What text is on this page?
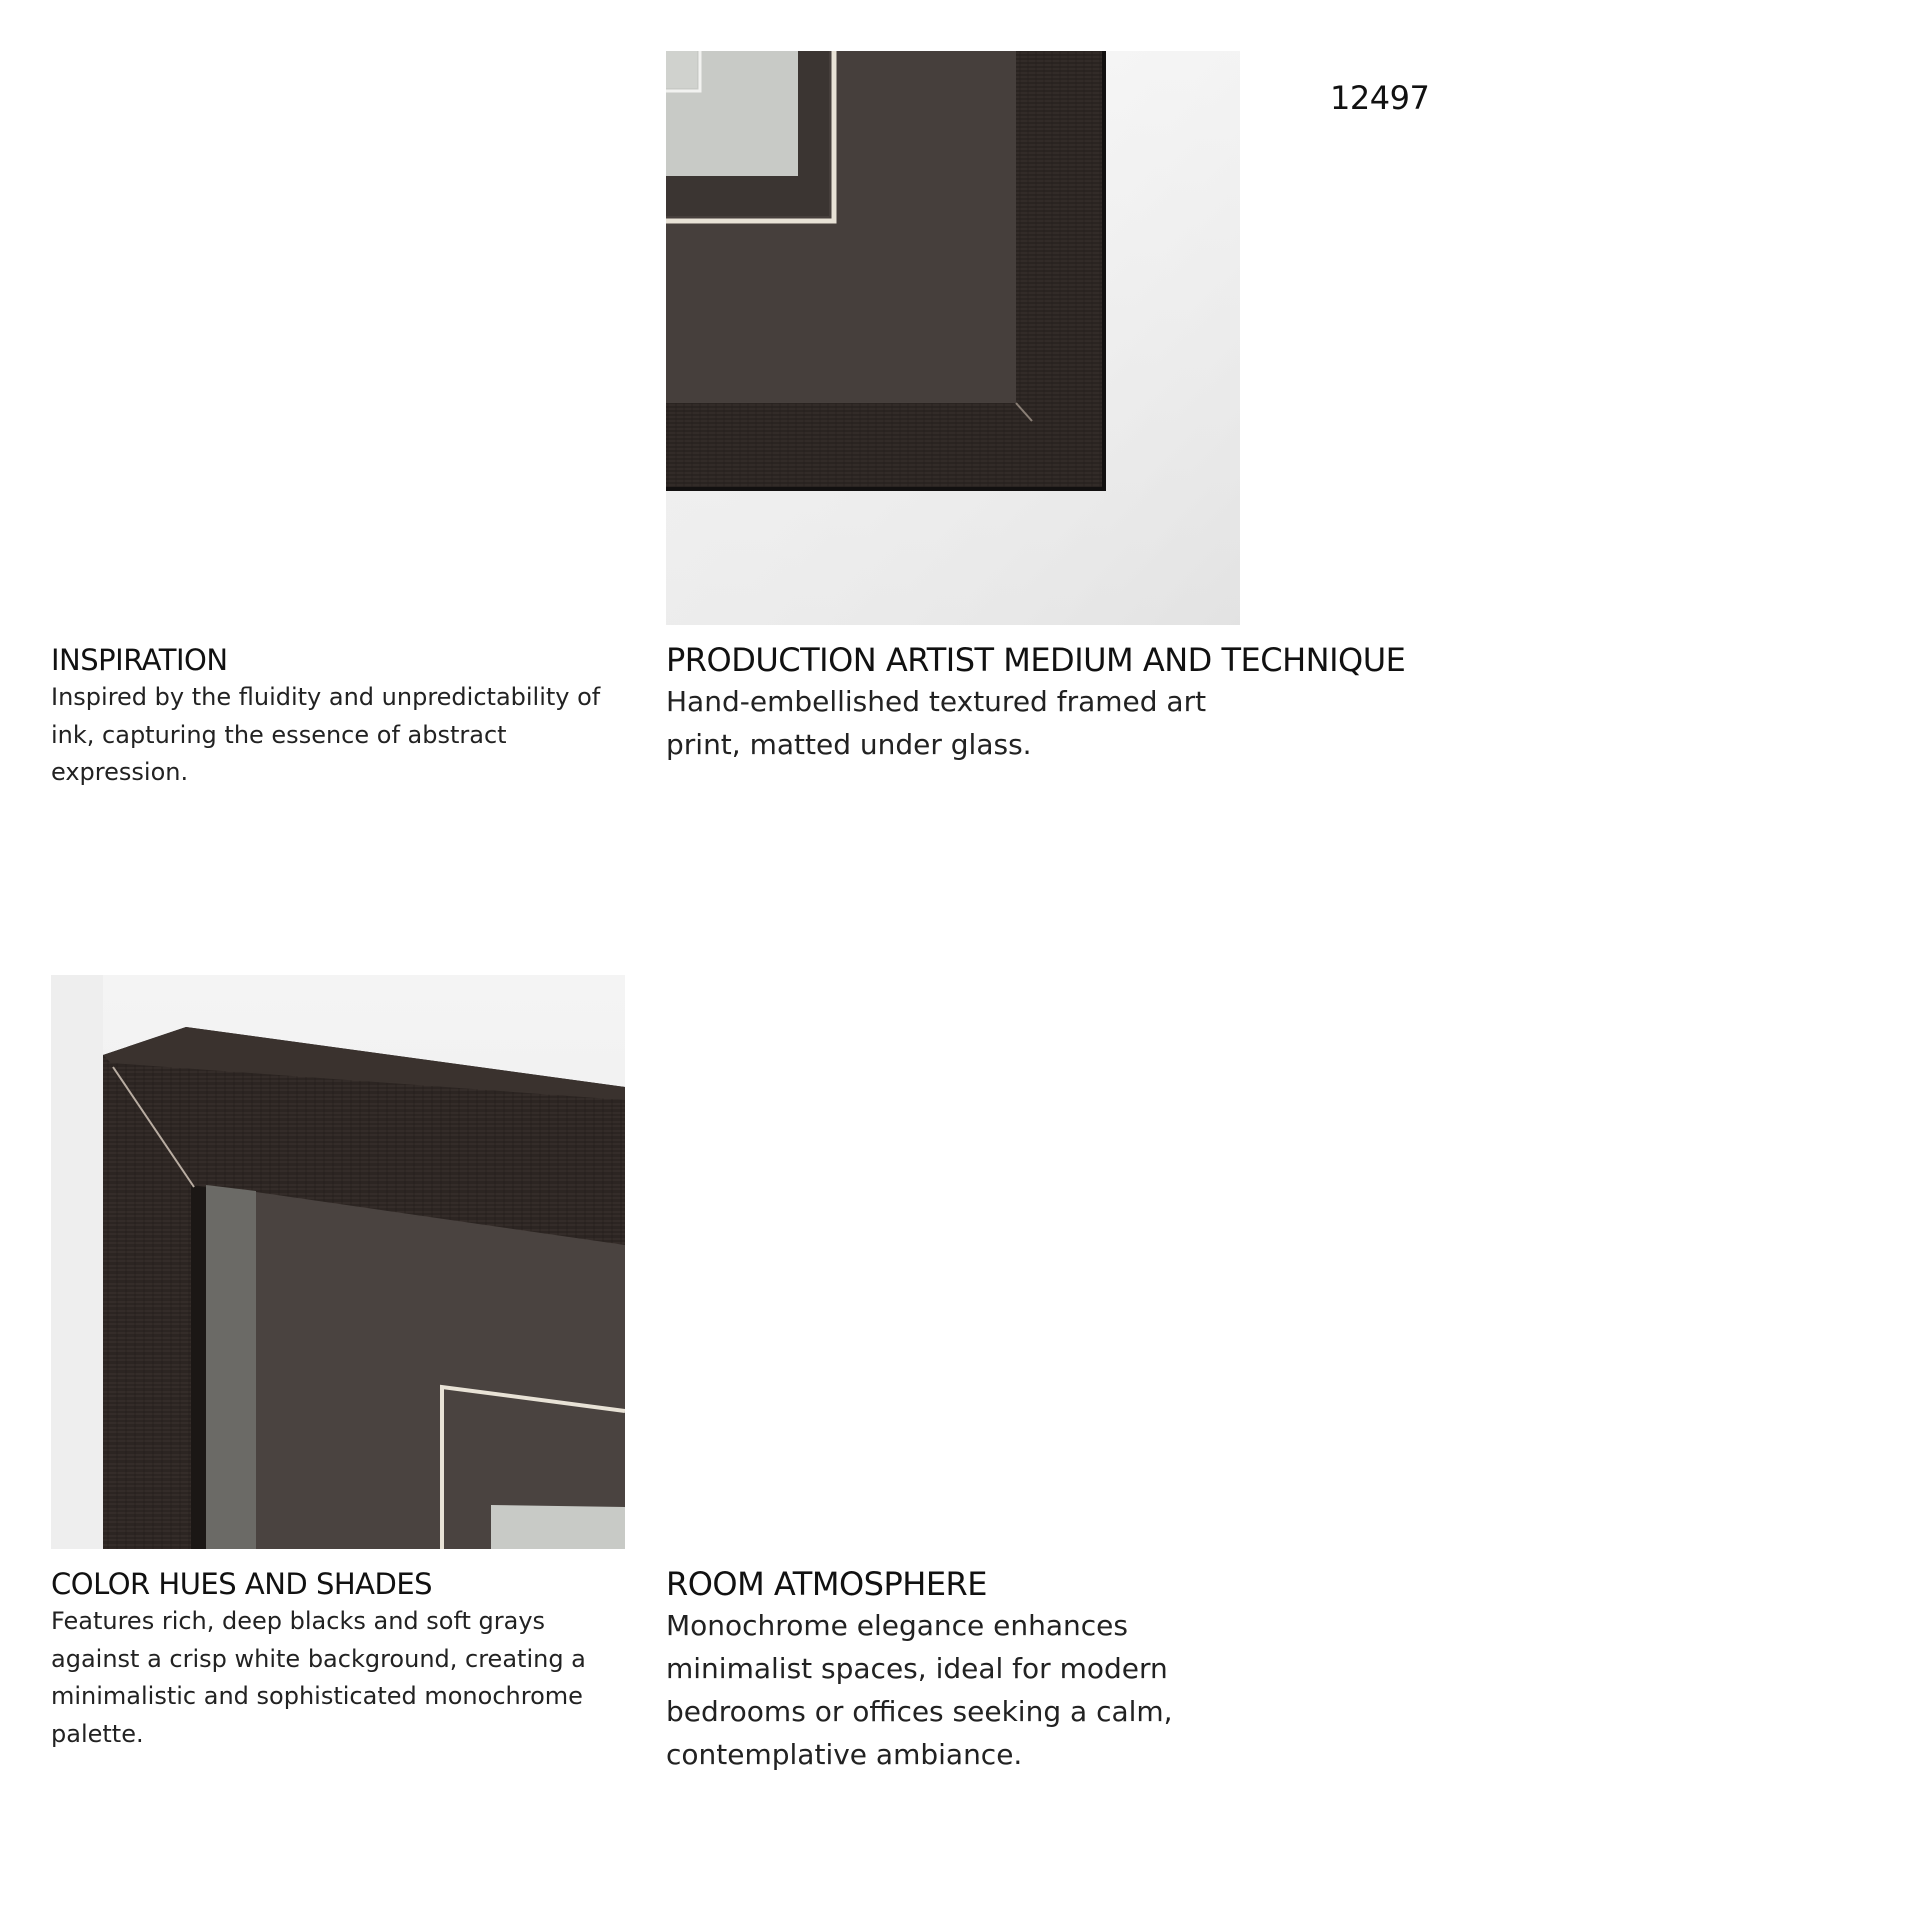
12497
INSPIRATION

Inspired by the fluidity and unpredictability of ink, capturing the essence of abstract expression.

PRODUCTION ARTIST MEDIUM AND TECHNIQUE

Hand-embellished textured framed art print, matted under glass.

COLOR HUES AND SHADES

Features rich, deep blacks and soft grays against a crisp white background, creating a minimalistic and sophisticated monochrome palette.

ROOM ATMOSPHERE

Monochrome elegance enhances minimalist spaces, ideal for modern bedrooms or offices seeking a calm, contemplative ambiance.
